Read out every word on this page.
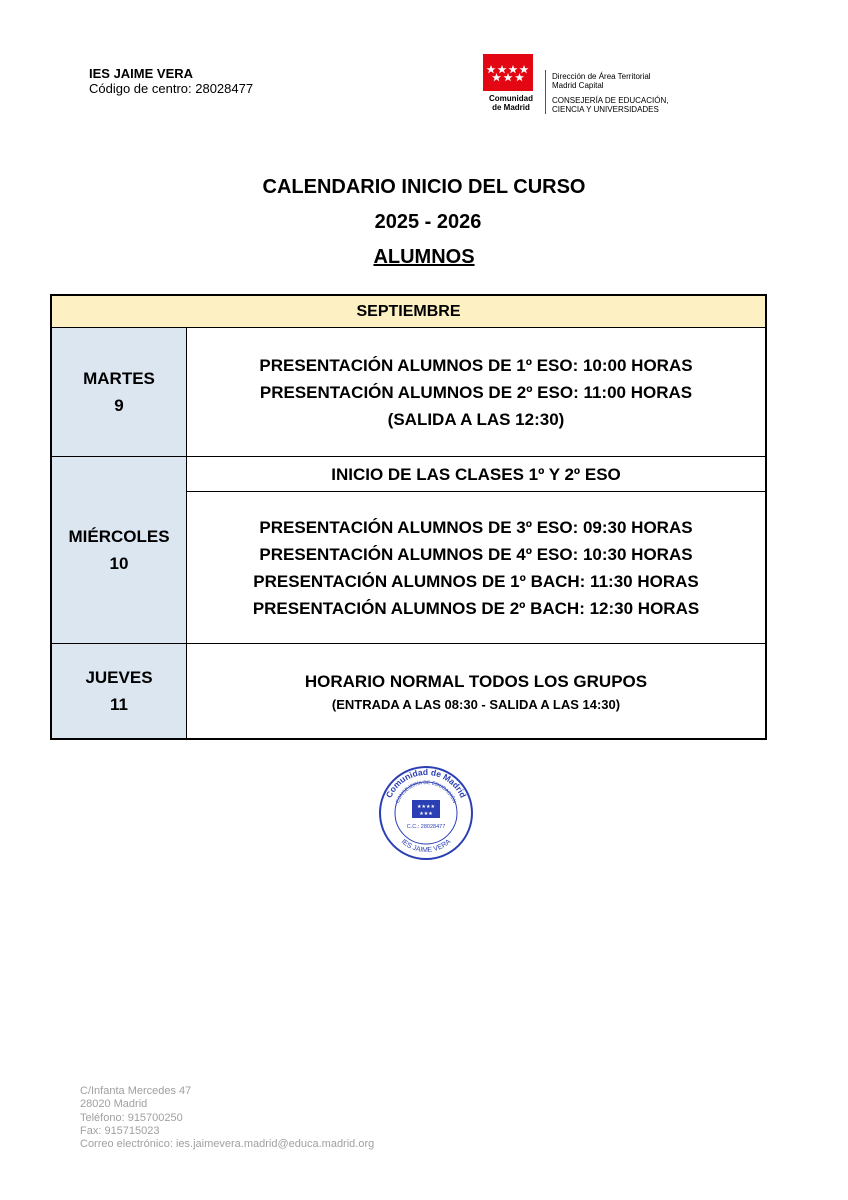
IES JAIME VERA
Código de centro: 28028477
Comunidad
de Madrid
Dirección de Área Territorial
Madrid Capital
CONSEJERÍA DE EDUCACIÓN,
CIENCIA Y UNIVERSIDADES
CALENDARIO INICIO DEL CURSO
2025 - 2026
ALUMNOS
SEPTIEMBRE
MARTES
9
PRESENTACIÓN ALUMNOS DE 1º ESO: 10:00 HORAS
PRESENTACIÓN ALUMNOS DE 2º ESO: 11:00 HORAS
(SALIDA A LAS 12:30)
MIÉRCOLES
10
INICIO DE LAS CLASES 1º Y 2º ESO
PRESENTACIÓN ALUMNOS DE 3º ESO: 09:30 HORAS
PRESENTACIÓN ALUMNOS DE 4º ESO: 10:30 HORAS
PRESENTACIÓN ALUMNOS DE 1º BACH: 11:30 HORAS
PRESENTACIÓN ALUMNOS DE 2º BACH: 12:30 HORAS
JUEVES
11
HORARIO NORMAL TODOS LOS GRUPOS
(ENTRADA A LAS 08:30 - SALIDA A LAS 14:30)
Comunidad de Madrid
CONSEJERÍA DE EDUCACIÓN
IES JAIME VERA
★★★★
★★★
C.C.: 28028477
C/Infanta Mercedes 47
28020 Madrid
Teléfono: 915700250
Fax: 915715023
Correo electrónico: ies.jaimevera.madrid@educa.madrid.org
